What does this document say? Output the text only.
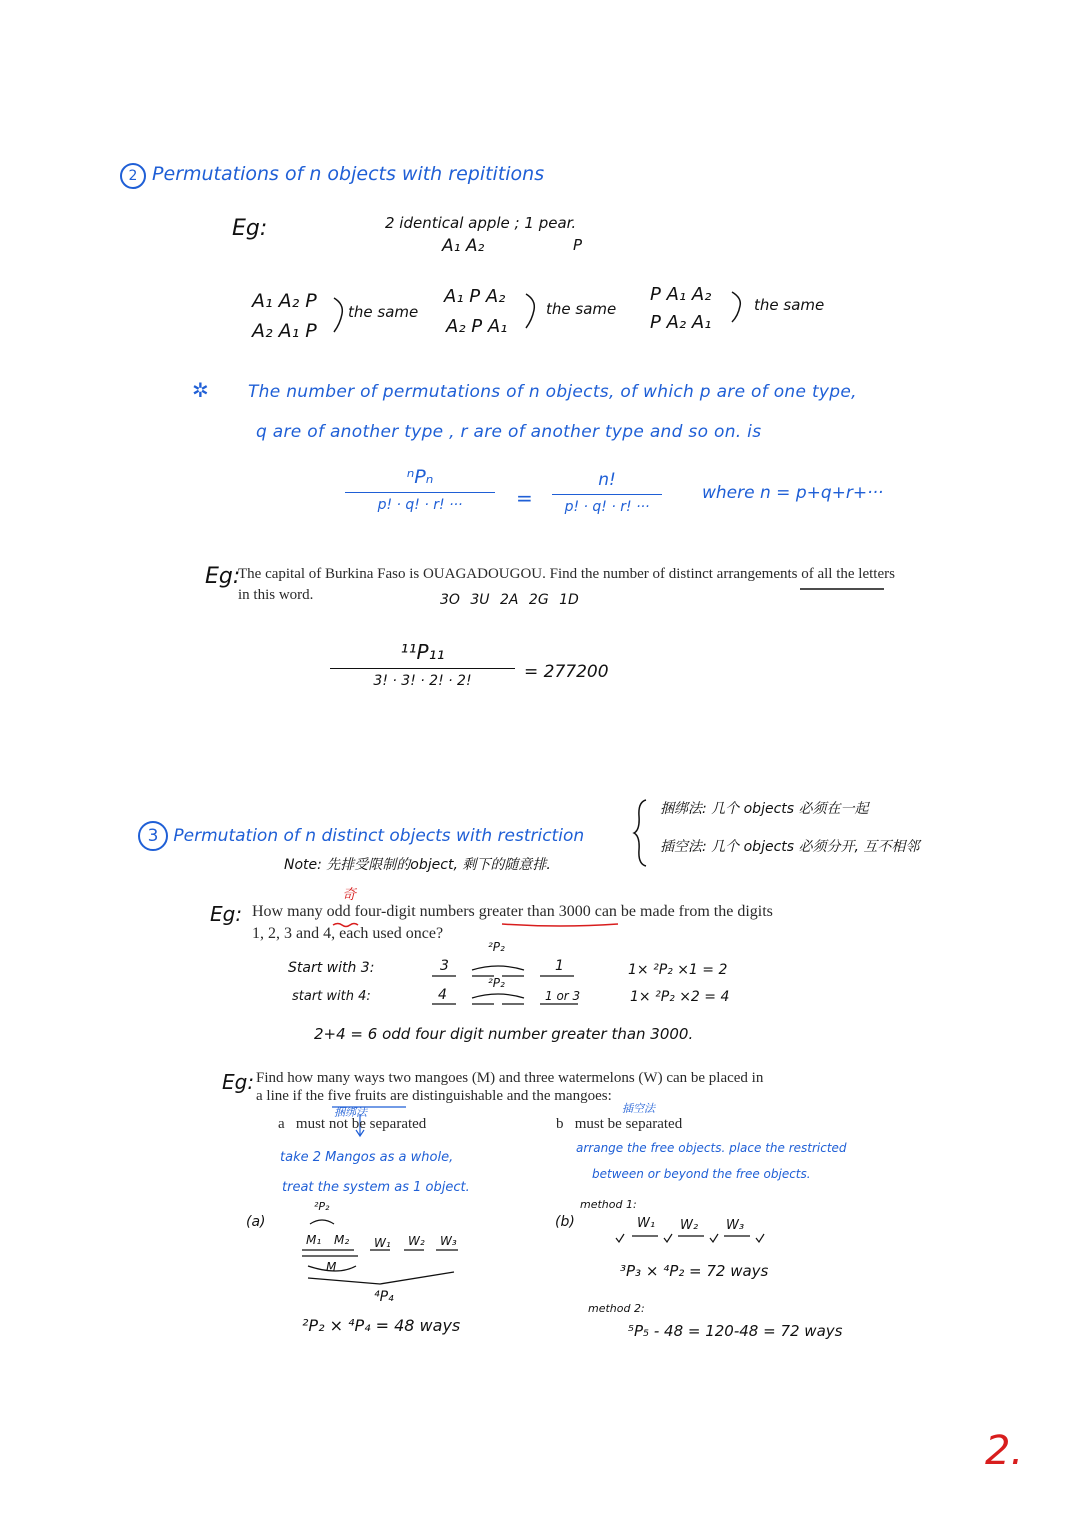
2 Permutations of n objects with repititions
Eg:	2 identical apple ; 1 pear.
A₁ A₂	P
A₁ A₂ P
A₂ A₁ P
the same
A₁ P A₂
A₂ P A₁
the same
P A₁ A₂
P A₂ A₁
the same
✲ The number of permutations of n objects, of which p are of one type,
q are of another type , r are of another type and so on. is
ⁿPₙ
p! · q! · r! ···	=
n!
p! · q! · r! ···
where n = p+q+r+···
Eg:
The capital of Burkina Faso is OUAGADOUGOU. Find the number of distinct arrangements of all the letters
in this word.	3O 3U 2A 2G 1D
¹¹P₁₁
3! · 3! · 2! · 2!	= 277200
3 Permutation of n distinct objects with restriction
Note: 先排受限制的object, 剩下的随意排.
捆绑法: 几个 objects 必须在一起
插空法: 几个 objects 必须分开, 互不相邻
奇
Eg: How many odd four-digit numbers greater than 3000 can be made from the digits
1, 2, 3 and 4, each used once?
²P₂
Start with 3:	3	1	1× ²P₂ ×1 = 2
²P₂
start with 4:	4	1 or 3	1× ²P₂ ×2 = 4
2+4 = 6 odd four digit number greater than 3000.
Eg: Find how many ways two mangoes (M) and three watermelons (W) can be placed in
a line if the five fruits are distinguishable and the mangoes:
捆绑法
a must not be separated
插空法
b must be separated
take 2 Mangos as a whole,
treat the system as 1 object.
arrange the free objects. place the restricted
between or beyond the free objects.
(a)
²P₂
M₁ M₂ W₁ W₂ W₃
M
⁴P₄
²P₂ × ⁴P₄ = 48 ways
(b)
method 1:
W₁ W₂ W₃
³P₃ × ⁴P₂ = 72 ways
method 2:
⁵P₅ - 48 = 120-48 = 72 ways
2.
